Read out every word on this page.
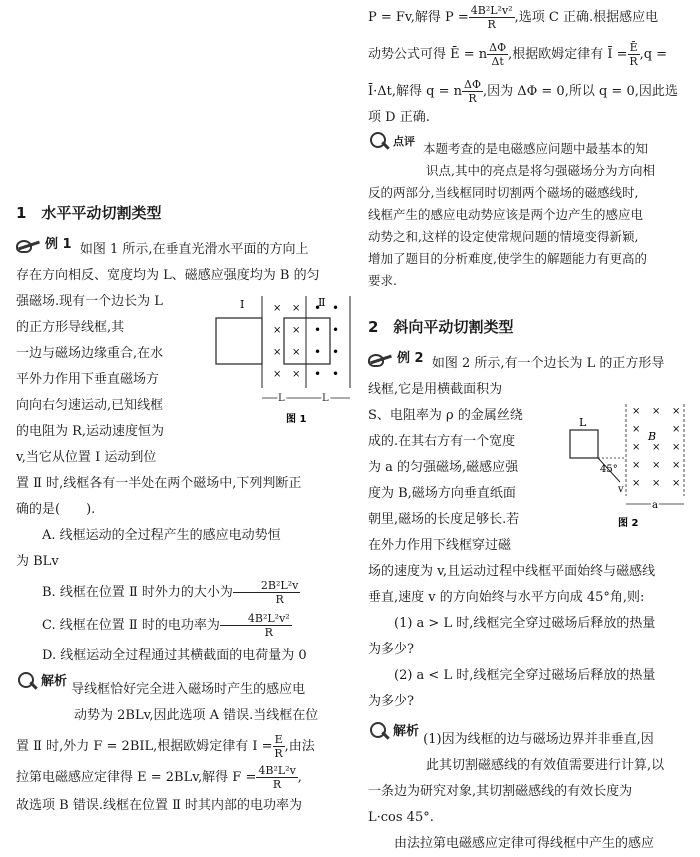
1　水平平动切割类型

例 1 如图 1 所示,在垂直光滑水平面的方向上

存在方向相反、宽度均为 L、磁感应强度均为 B 的匀

强磁场.现有一个边长为 L

的正方形导线框,其

一边与磁场边缘重合,在水

平外力作用下垂直磁场方

向向右匀速运动,已知线框

的电阻为 R,运动速度恒为

v,当它从位置 Ⅰ 运动到位

置 Ⅱ 时,线框各有一半处在两个磁场中,下列判断正

确的是(　　).

A. 线框运动的全过程产生的感应电动势恒

为 BLv

B. 线框在位置 Ⅱ 时外力的大小为 $\frac{\text{2B²L²v}}{R}$

C. 线框在位置 Ⅱ 时的电功率为 $\frac{\text{4B²L²v²}}{R}$

D. 线框运动全过程通过其横截面的电荷量为 0

解析
导线框恰好完全进入磁场时产生的感应电

动势为 2BLv,因此选项 A 错误.当线框在位

置 Ⅱ 时,外力 F = 2BIL,根据欧姆定律有 $I = \frac{E}{R}$ ,由法

拉第电磁感应定律得 E = 2BLv,解得 $F = \frac{\text{4B²L²v}}{R}$ ,

故选项 B 错误.线框在位置 Ⅱ 时其内部的电功率为

Ⅰ	Ⅱ
× ×
× ×
× ×
× ×
• •
• •
• •
• •
L	L
图 1

P = Fv,解得 $P = \frac{\text{4B²L²v²}}{R}$ ,选项 C 正确.根据感应电

动势公式可得 Ē = n $\frac{\Delta\Phi}{\Delta t}$ ,根据欧姆定律有 Ī = $\frac{Ē}{R} ,q$ =

Ī·Δt,解得 q = n $\frac{\Delta\Phi}{R}$ ,因为 ΔΦ = 0,所以 q = 0,因此选

项 D 正确.

点评 本题考查的是电磁感应问题中最基本的知

识点,其中的亮点是将匀强磁场分为方向相

反的两部分,当线框同时切割两个磁场的磁感线时,

线框产生的感应电动势应该是两个边产生的感应电

动势之和,这样的设定使常规问题的情境变得新颖,

增加了题目的分析难度,使学生的解题能力有更高的

要求.

2　斜向平动切割类型

例 2 如图 2 所示,有一个边长为 L 的正方形导

线框,它是用横截面积为

S、电阻率为 ρ 的金属丝绕

成的.在其右方有一个宽度

为 a 的匀强磁场,磁感应强

度为 B,磁场方向垂直纸面

朝里,磁场的长度足够长.若

在外力作用下线框穿过磁

场的速度为 v,且运动过程中线框平面始终与磁感线

垂直,速度 v 的方向始终与水平方向成 45°角,则:

(1) a > L 时,线框完全穿过磁场后释放的热量

为多少?

(2) a < L 时,线框完全穿过磁场后释放的热量

为多少?

解析
(1)因为线框的边与磁场边界并非垂直,因

此其切割磁感线的有效值需要进行计算,以

一条边为研究对象,其切割磁感线的有效长度为

L·cos 45°.

由法拉第电磁感应定律可得线框中产生的感应

L
45°
v
B
× × ×
×	×
× × ×
× × ×
× × ×
a
图 2
